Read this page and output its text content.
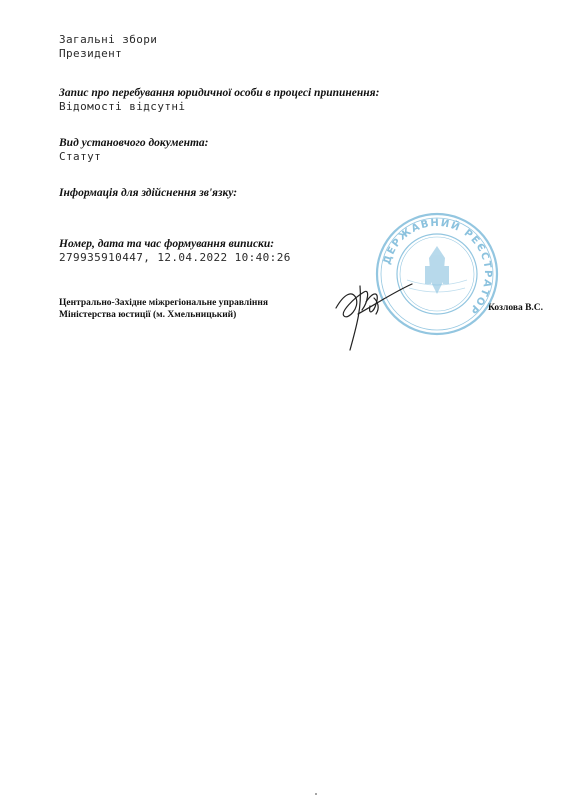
Загальні збори
Президент
Запис про перебування юридичної особи в процесі припинення:
Відомості відсутні
Вид установчого документа:
Статут
Інформація для здійснення зв'язку:
Номер, дата та час формування виписки:
279935910447, 12.04.2022 10:40:26
Центрально-Західне міжрегіональне управління
Міністерства юстиції (м. Хмельницький)
Козлова В.С.
ДЕРЖАВНИЙ РЕЄСТРАТОР
